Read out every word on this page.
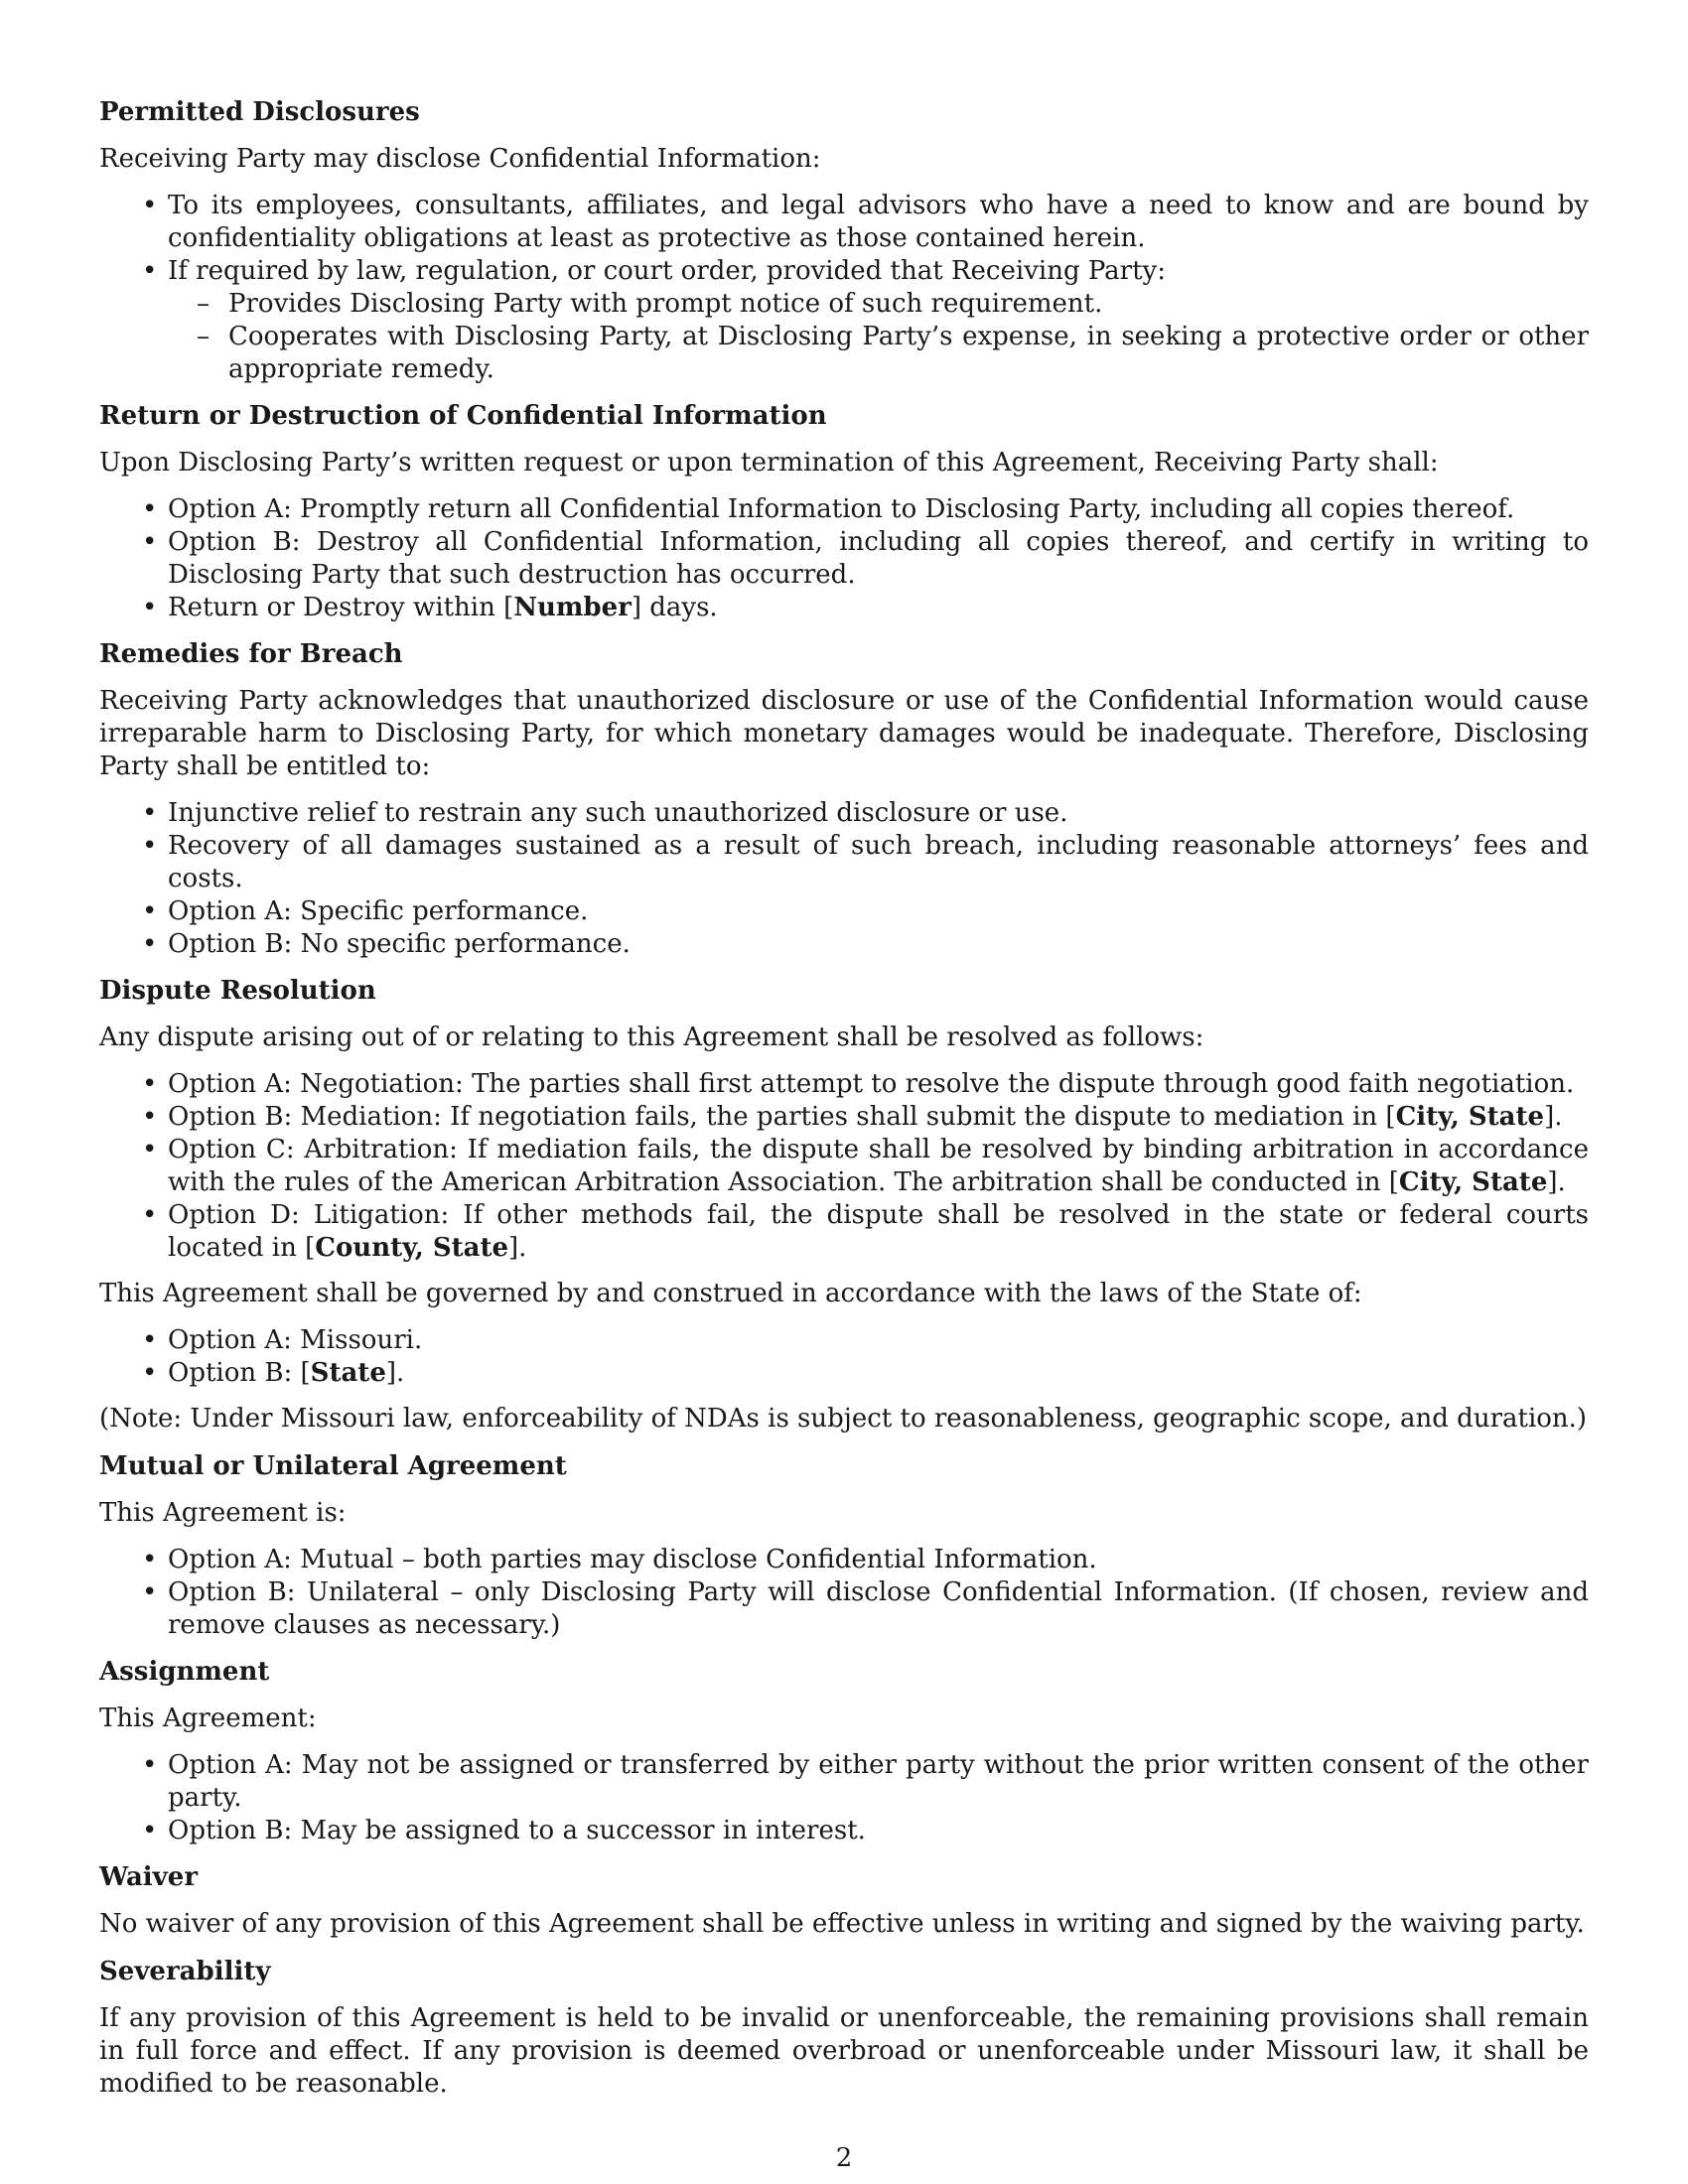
Permitted Disclosures

Receiving Party may disclose Confidential Information:

• To its employees, consultants, affiliates, and legal advisors who have a need to know and are bound by confidentiality obligations at least as protective as those contained herein.
• If required by law, regulation, or court order, provided that Receiving Party:
– Provides Disclosing Party with prompt notice of such requirement.
– Cooperates with Disclosing Party, at Disclosing Party’s expense, in seeking a protective order or other appropriate remedy.
Return or Destruction of Confidential Information

Upon Disclosing Party’s written request or upon termination of this Agreement, Receiving Party shall:

• Option A: Promptly return all Confidential Information to Disclosing Party, including all copies thereof.
• Option B: Destroy all Confidential Information, including all copies thereof, and certify in writing to Disclosing Party that such destruction has occurred.
• Return or Destroy within [Number] days.
Remedies for Breach

Receiving Party acknowledges that unauthorized disclosure or use of the Confidential Information would cause irreparable harm to Disclosing Party, for which monetary damages would be inadequate. Therefore, Disclosing Party shall be entitled to:

• Injunctive relief to restrain any such unauthorized disclosure or use.
• Recovery of all damages sustained as a result of such breach, including reasonable attorneys’ fees and costs.
• Option A: Specific performance.
• Option B: No specific performance.
Dispute Resolution

Any dispute arising out of or relating to this Agreement shall be resolved as follows:

• Option A: Negotiation: The parties shall first attempt to resolve the dispute through good faith negotiation.
• Option B: Mediation: If negotiation fails, the parties shall submit the dispute to mediation in [City, State].
• Option C: Arbitration: If mediation fails, the dispute shall be resolved by binding arbitration in accordance with the rules of the American Arbitration Association. The arbitration shall be conducted in [City, State].
• Option D: Litigation: If other methods fail, the dispute shall be resolved in the state or federal courts located in [County, State].

This Agreement shall be governed by and construed in accordance with the laws of the State of:

• Option A: Missouri.
• Option B: [State].

(Note: Under Missouri law, enforceability of NDAs is subject to reasonableness, geographic scope, and duration.)

Mutual or Unilateral Agreement

This Agreement is:

• Option A: Mutual – both parties may disclose Confidential Information.
• Option B: Unilateral – only Disclosing Party will disclose Confidential Information. (If chosen, review and remove clauses as necessary.)
Assignment

This Agreement:

• Option A: May not be assigned or transferred by either party without the prior written consent of the other party.
• Option B: May be assigned to a successor in interest.
Waiver

No waiver of any provision of this Agreement shall be effective unless in writing and signed by the waiving party.

Severability

If any provision of this Agreement is held to be invalid or unenforceable, the remaining provisions shall remain in full force and effect. If any provision is deemed overbroad or unenforceable under Missouri law, it shall be modified to be reasonable.

2
